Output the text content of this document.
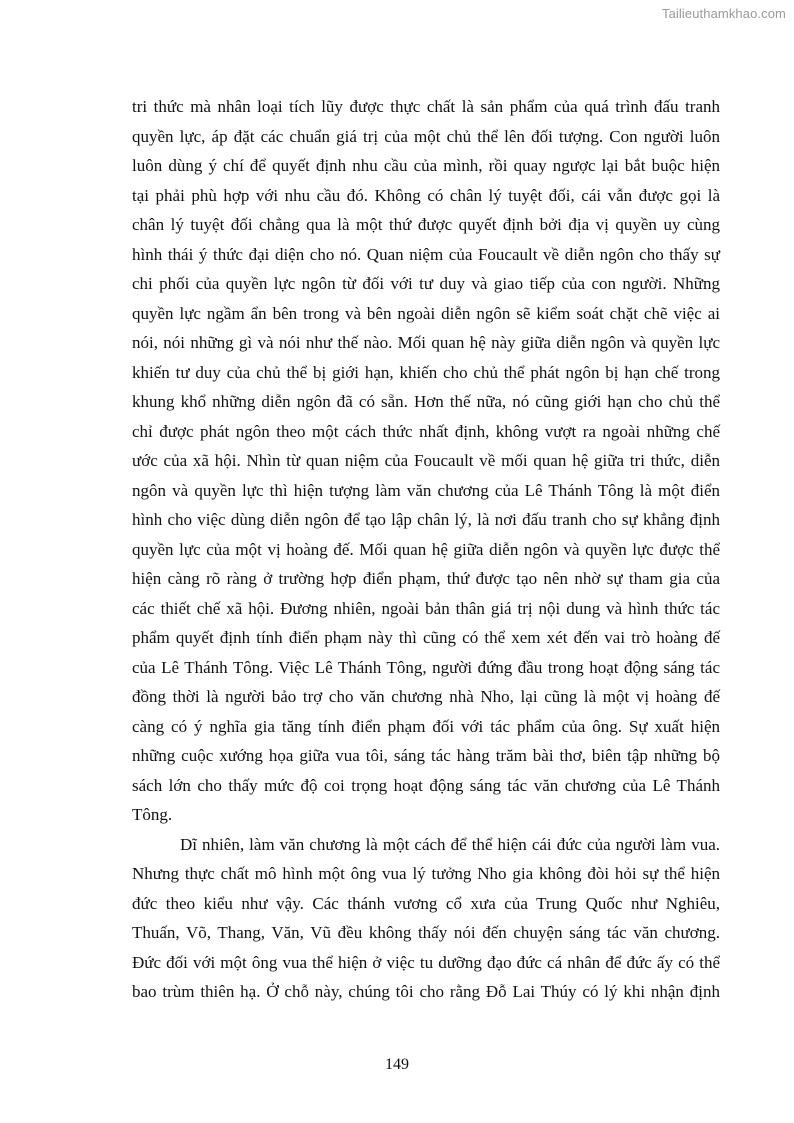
Tailieuthamkhao.com
tri thức mà nhân loại tích lũy được thực chất là sản phẩm của quá trình đấu tranh
quyền lực, áp đặt các chuẩn giá trị của một chủ thể lên đối tượng. Con người luôn
luôn dùng ý chí để quyết định nhu cầu của mình, rồi quay ngược lại bắt buộc hiện
tại phải phù hợp với nhu cầu đó. Không có chân lý tuyệt đối, cái vẫn được gọi là
chân lý tuyệt đối chẳng qua là một thứ được quyết định bởi địa vị quyền uy cùng
hình thái ý thức đại diện cho nó. Quan niệm của Foucault về diễn ngôn cho thấy sự
chi phối của quyền lực ngôn từ đối với tư duy và giao tiếp của con người. Những
quyền lực ngầm ẩn bên trong và bên ngoài diễn ngôn sẽ kiểm soát chặt chẽ việc ai
nói, nói những gì và nói như thế nào. Mối quan hệ này giữa diễn ngôn và quyền lực
khiến tư duy của chủ thể bị giới hạn, khiến cho chủ thể phát ngôn bị hạn chế trong
khung khổ những diễn ngôn đã có sẵn. Hơn thế nữa, nó cũng giới hạn cho chủ thể
chỉ được phát ngôn theo một cách thức nhất định, không vượt ra ngoài những chế
ước của xã hội. Nhìn từ quan niệm của Foucault về mối quan hệ giữa tri thức, diễn
ngôn và quyền lực thì hiện tượng làm văn chương của Lê Thánh Tông là một điển
hình cho việc dùng diễn ngôn để tạo lập chân lý, là nơi đấu tranh cho sự khẳng định
quyền lực của một vị hoàng đế. Mối quan hệ giữa diễn ngôn và quyền lực được thể
hiện càng rõ ràng ở trường hợp điển phạm, thứ được tạo nên nhờ sự tham gia của
các thiết chế xã hội. Đương nhiên, ngoài bản thân giá trị nội dung và hình thức tác
phẩm quyết định tính điển phạm này thì cũng có thể xem xét đến vai trò hoàng đế
của Lê Thánh Tông. Việc Lê Thánh Tông, người đứng đầu trong hoạt động sáng tác
đồng thời là người bảo trợ cho văn chương nhà Nho, lại cũng là một vị hoàng đế
càng có ý nghĩa gia tăng tính điển phạm đối với tác phẩm của ông. Sự xuất hiện
những cuộc xướng họa giữa vua tôi, sáng tác hàng trăm bài thơ, biên tập những bộ
sách lớn cho thấy mức độ coi trọng hoạt động sáng tác văn chương của Lê Thánh
Tông.
Dĩ nhiên, làm văn chương là một cách để thể hiện cái đức của người làm vua.
Nhưng thực chất mô hình một ông vua lý tưởng Nho gia không đòi hỏi sự thể hiện
đức theo kiểu như vậy. Các thánh vương cổ xưa của Trung Quốc như Nghiêu,
Thuấn, Võ, Thang, Văn, Vũ đều không thấy nói đến chuyện sáng tác văn chương.
Đức đối với một ông vua thể hiện ở việc tu dưỡng đạo đức cá nhân để đức ấy có thể
bao trùm thiên hạ. Ở chỗ này, chúng tôi cho rằng Đỗ Lai Thúy có lý khi nhận định
149
